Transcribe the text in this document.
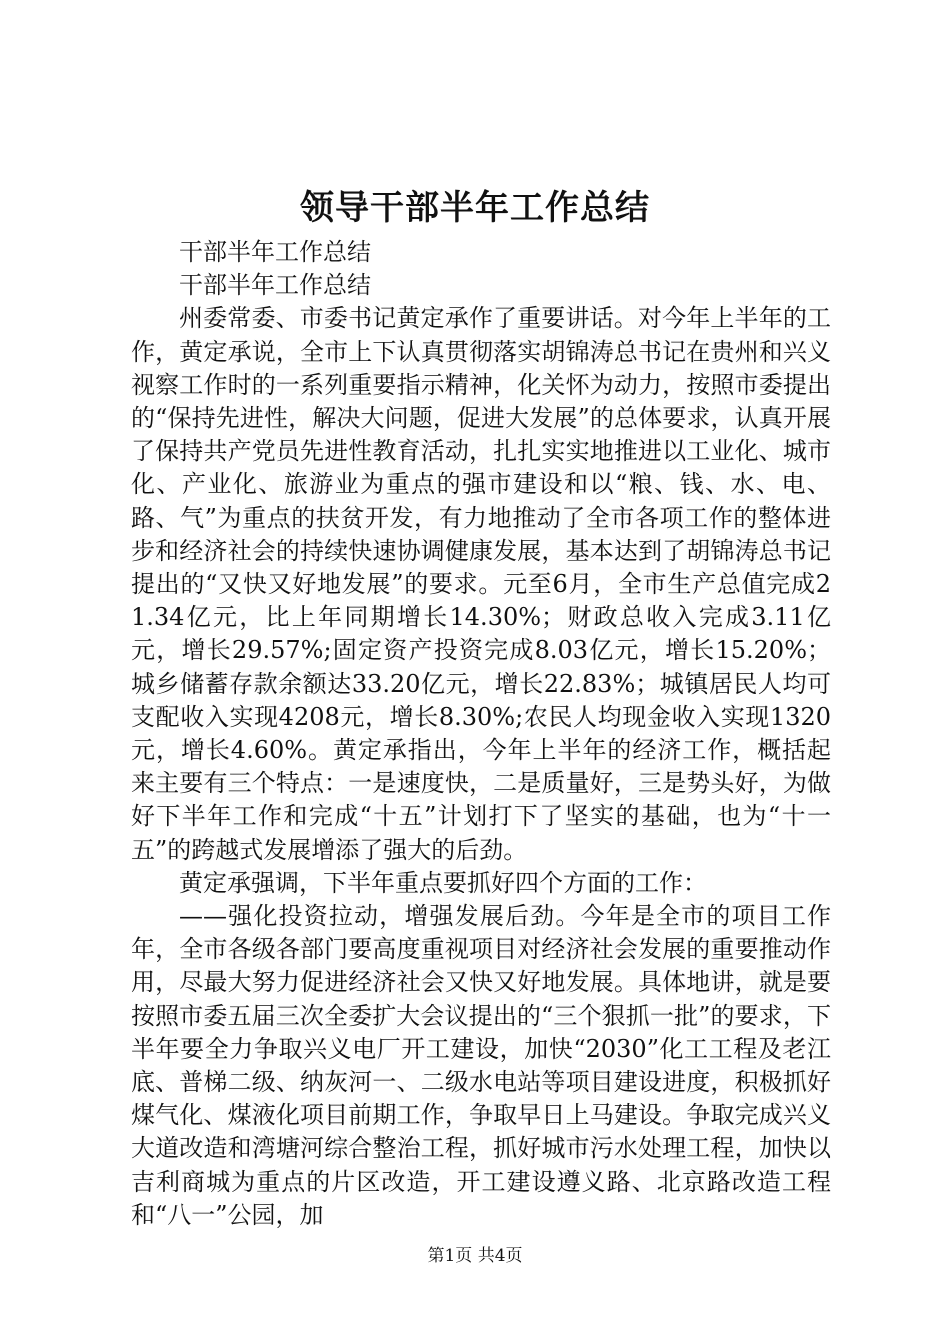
领导干部半年工作总结

干部半年工作总结

干部半年工作总结

州委常委、市委书记黄定承作了重要讲话。对今年上半年的工作，黄定承说，全市上下认真贯彻落实胡锦涛总书记在贵州和兴义视察工作时的一系列重要指示精神，化关怀为动力，按照市委提出的“保持先进性，解决大问题，促进大发展”的总体要求，认真开展了保持共产党员先进性教育活动，扎扎实实地推进以工业化、城市化、产业化、旅游业为重点的强市建设和以“粮、钱、水、电、路、气”为重点的扶贫开发，有力地推动了全市各项工作的整体进步和经济社会的持续快速协调健康发展，基本达到了胡锦涛总书记提出的“又快又好地发展”的要求。元至6月，全市生产总值完成21.34亿元，比上年同期增长14.30%；财政总收入完成3.11亿元，增长29.57%;固定资产投资完成8.03亿元，增长15.20%；城乡储蓄存款余额达33.20亿元，增长22.83%；城镇居民人均可支配收入实现4208元，增长8.30%;农民人均现金收入实现1320元，增长4.60%。黄定承指出，今年上半年的经济工作，概括起来主要有三个特点：一是速度快，二是质量好，三是势头好，为做好下半年工作和完成“十五”计划打下了坚实的基础，也为“十一五”的跨越式发展增添了强大的后劲。

黄定承强调，下半年重点要抓好四个方面的工作：

——强化投资拉动，增强发展后劲。今年是全市的项目工作年，全市各级各部门要高度重视项目对经济社会发展的重要推动作用，尽最大努力促进经济社会又快又好地发展。具体地讲，就是要按照市委五届三次全委扩大会议提出的“三个狠抓一批”的要求，下半年要全力争取兴义电厂开工建设，加快“2030”化工工程及老江底、普梯二级、纳灰河一、二级水电站等项目建设进度，积极抓好煤气化、煤液化项目前期工作，争取早日上马建设。争取完成兴义大道改造和湾塘河综合整治工程，抓好城市污水处理工程，加快以吉利商城为重点的片区改造，开工建设遵义路、北京路改造工程和“八一”公园，加

第1页 共4页
